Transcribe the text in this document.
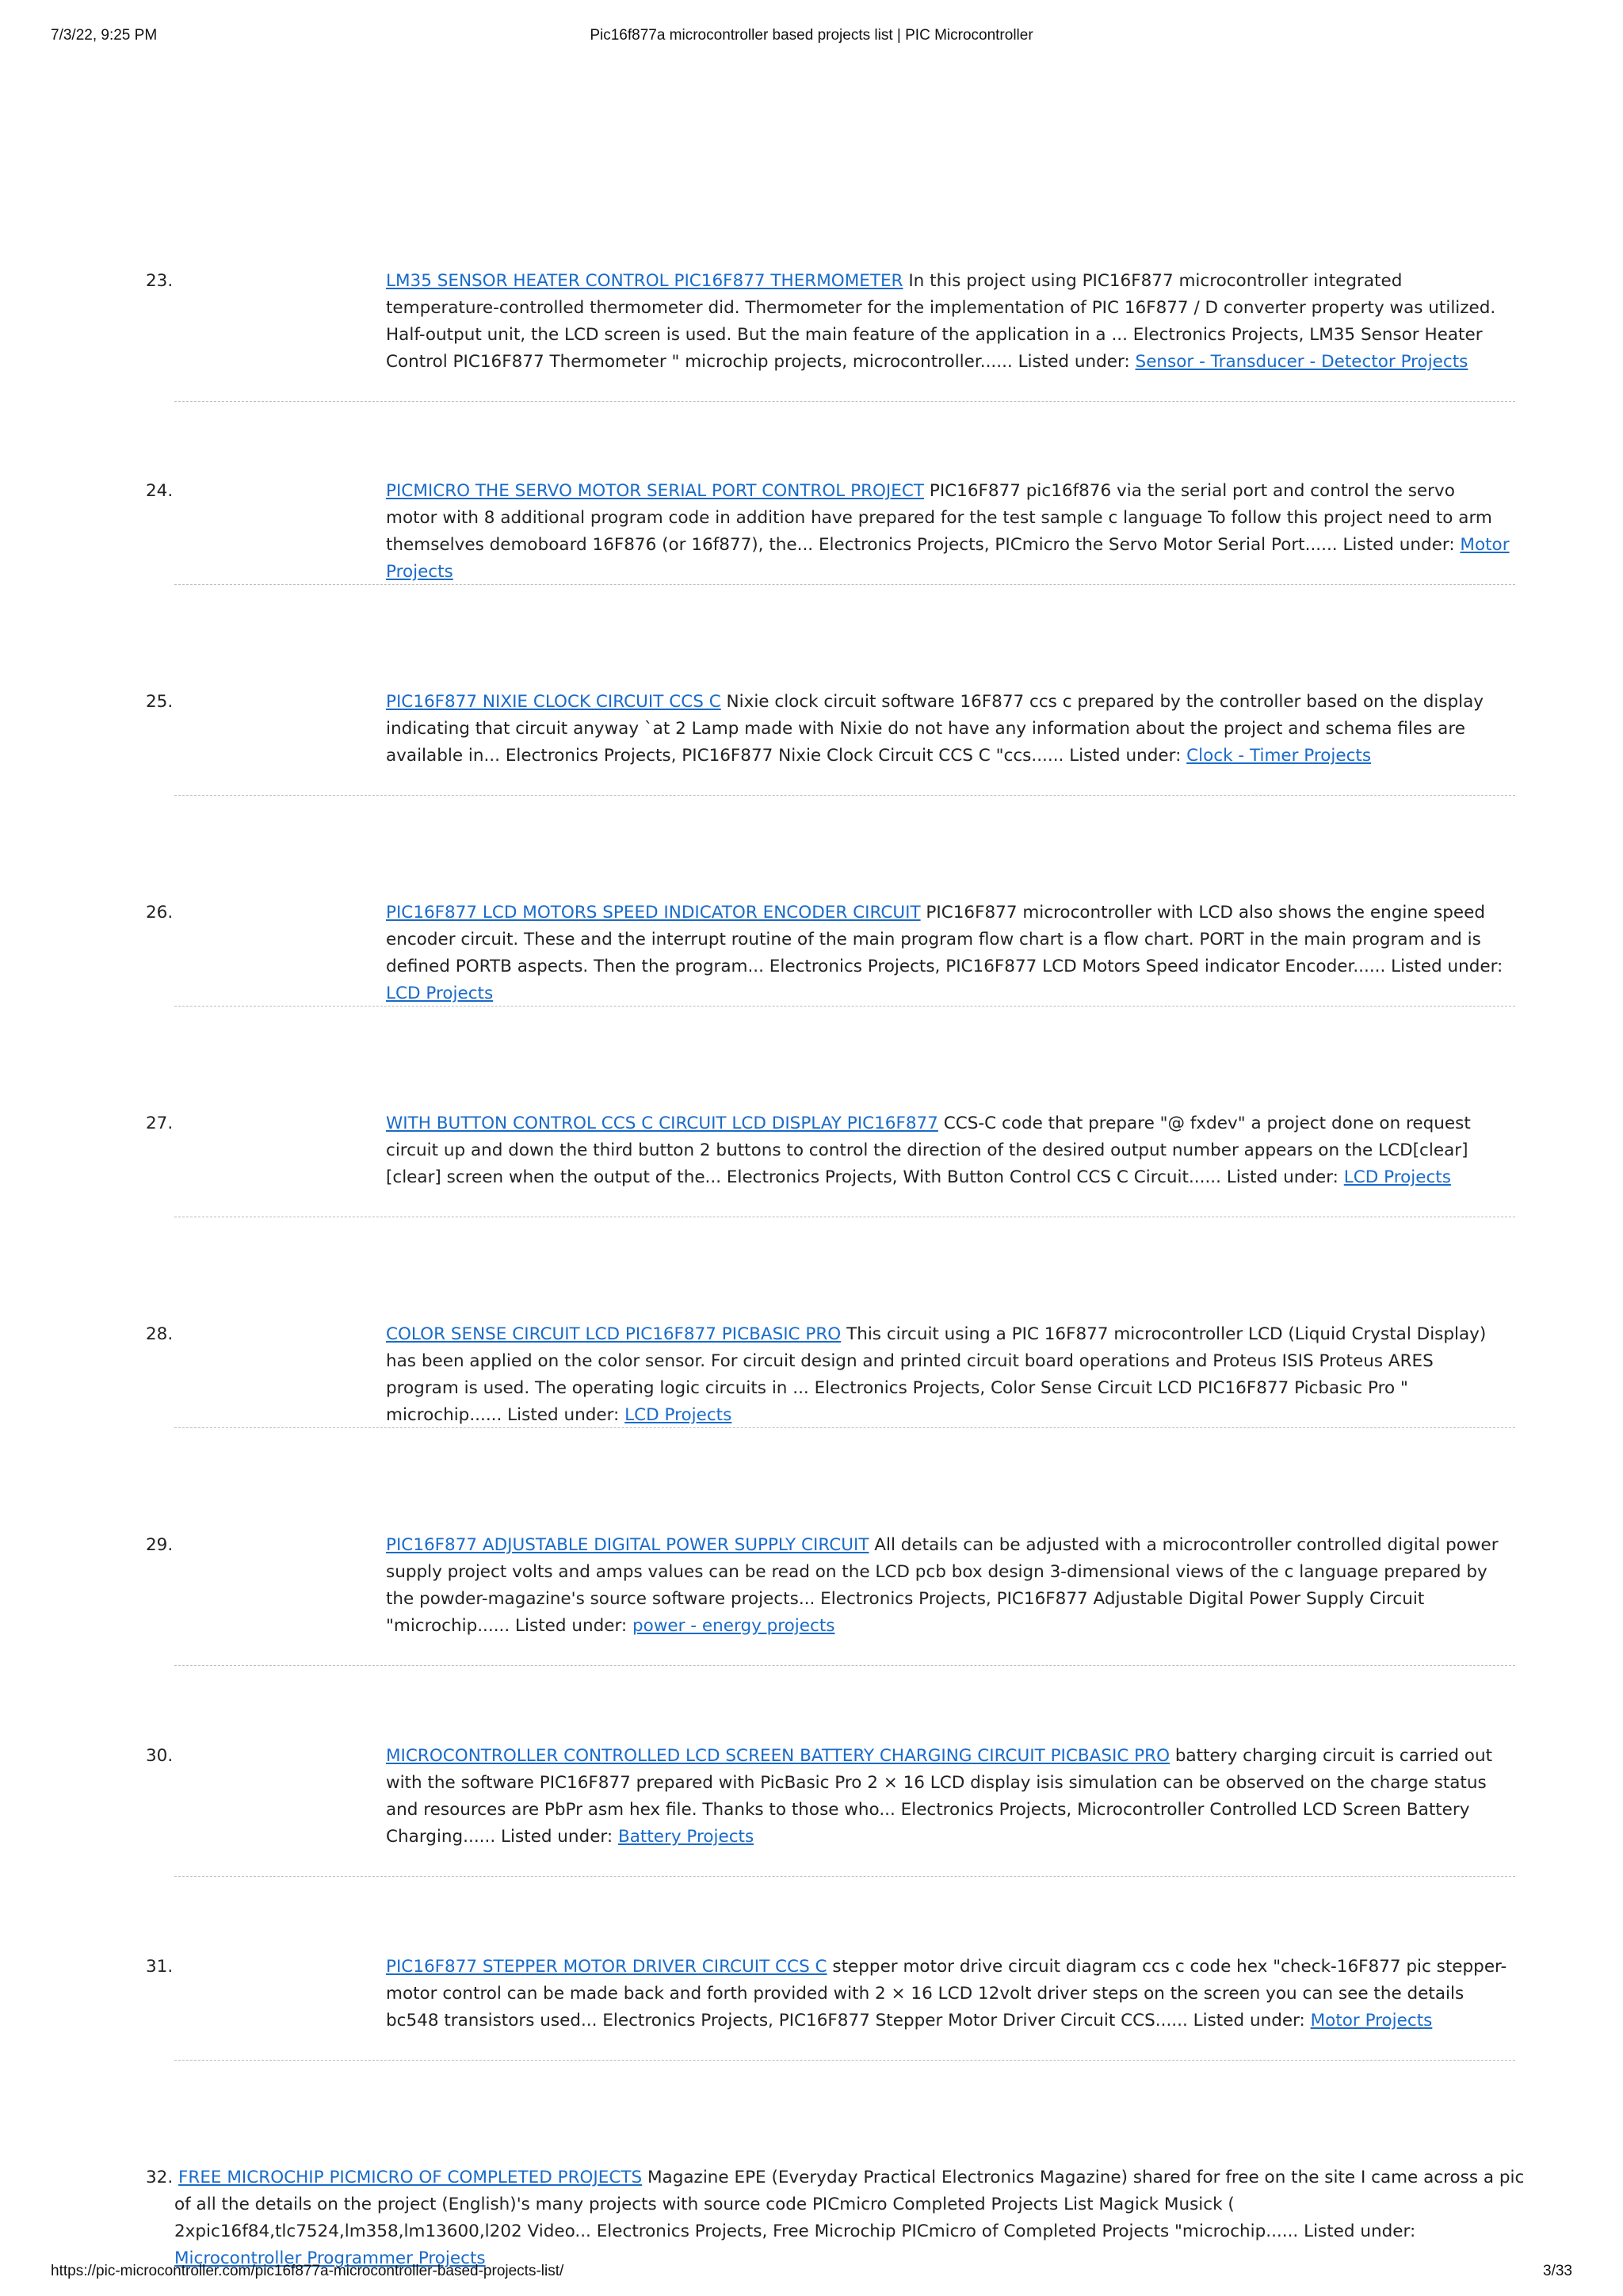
7/3/22, 9:25 PM	Pic16f877a microcontroller based projects list | PIC Microcontroller
23.	LM35 SENSOR HEATER CONTROL PIC16F877 THERMOMETER In this project using PIC16F877 microcontroller integrated temperature-controlled thermometer did. Thermometer for the implementation of PIC 16F877 / D converter property was utilized. Half-output unit, the LCD screen is used. But the main feature of the application in a ... Electronics Projects, LM35 Sensor Heater Control PIC16F877 Thermometer " microchip projects, microcontroller...... Listed under: Sensor - Transducer - Detector Projects
24.	PICMICRO THE SERVO MOTOR SERIAL PORT CONTROL PROJECT PIC16F877 pic16f876 via the serial port and control the servo motor with 8 additional program code in addition have prepared for the test sample c language To follow this project need to arm themselves demoboard 16F876 (or 16f877), the... Electronics Projects, PICmicro the Servo Motor Serial Port...... Listed under: Motor Projects
25.	PIC16F877 NIXIE CLOCK CIRCUIT CCS C Nixie clock circuit software 16F877 ccs c prepared by the controller based on the display indicating that circuit anyway `at 2 Lamp made with Nixie do not have any information about the project and schema files are available in... Electronics Projects, PIC16F877 Nixie Clock Circuit CCS C "ccs...... Listed under: Clock - Timer Projects
26.	PIC16F877 LCD MOTORS SPEED INDICATOR ENCODER CIRCUIT PIC16F877 microcontroller with LCD also shows the engine speed encoder circuit. These and the interrupt routine of the main program flow chart is a flow chart. PORT in the main program and is defined PORTB aspects. Then the program... Electronics Projects, PIC16F877 LCD Motors Speed indicator Encoder...... Listed under: LCD Projects
27.	WITH BUTTON CONTROL CCS C CIRCUIT LCD DISPLAY PIC16F877 CCS-C code that prepare "@ fxdev" a project done on request circuit up and down the third button 2 buttons to control the direction of the desired output number appears on the LCD[clear][clear] screen when the output of the... Electronics Projects, With Button Control CCS C Circuit...... Listed under: LCD Projects
28.	COLOR SENSE CIRCUIT LCD PIC16F877 PICBASIC PRO This circuit using a PIC 16F877 microcontroller LCD (Liquid Crystal Display) has been applied on the color sensor. For circuit design and printed circuit board operations and Proteus ISIS Proteus ARES program is used. The operating logic circuits in ... Electronics Projects, Color Sense Circuit LCD PIC16F877 Picbasic Pro " microchip...... Listed under: LCD Projects
29.	PIC16F877 ADJUSTABLE DIGITAL POWER SUPPLY CIRCUIT All details can be adjusted with a microcontroller controlled digital power supply project volts and amps values can be read on the LCD pcb box design 3-dimensional views of the c language prepared by the powder-magazine's source software projects... Electronics Projects, PIC16F877 Adjustable Digital Power Supply Circuit "microchip...... Listed under: power - energy projects
30.	MICROCONTROLLER CONTROLLED LCD SCREEN BATTERY CHARGING CIRCUIT PICBASIC PRO battery charging circuit is carried out with the software PIC16F877 prepared with PicBasic Pro 2 × 16 LCD display isis simulation can be observed on the charge status and resources are PbPr asm hex file. Thanks to those who... Electronics Projects, Microcontroller Controlled LCD Screen Battery Charging...... Listed under: Battery Projects
31.	PIC16F877 STEPPER MOTOR DRIVER CIRCUIT CCS C stepper motor drive circuit diagram ccs c code hex "check-16F877 pic stepper-motor control can be made back and forth provided with 2 × 16 LCD 12volt driver steps on the screen you can see the details bc548 transistors used... Electronics Projects, PIC16F877 Stepper Motor Driver Circuit CCS...... Listed under: Motor Projects
32. FREE MICROCHIP PICMICRO OF COMPLETED PROJECTS Magazine EPE (Everyday Practical Electronics Magazine) shared for free on the site I came across a pic of all the details on the project (English)'s many projects with source code PICmicro Completed Projects List Magick Musick ( 2xpic16f84,tlc7524,lm358,lm13600,l202 Video... Electronics Projects, Free Microchip PICmicro of Completed Projects "microchip...... Listed under: Microcontroller Programmer Projects
https://pic-microcontroller.com/pic16f877a-microcontroller-based-projects-list/	3/33
